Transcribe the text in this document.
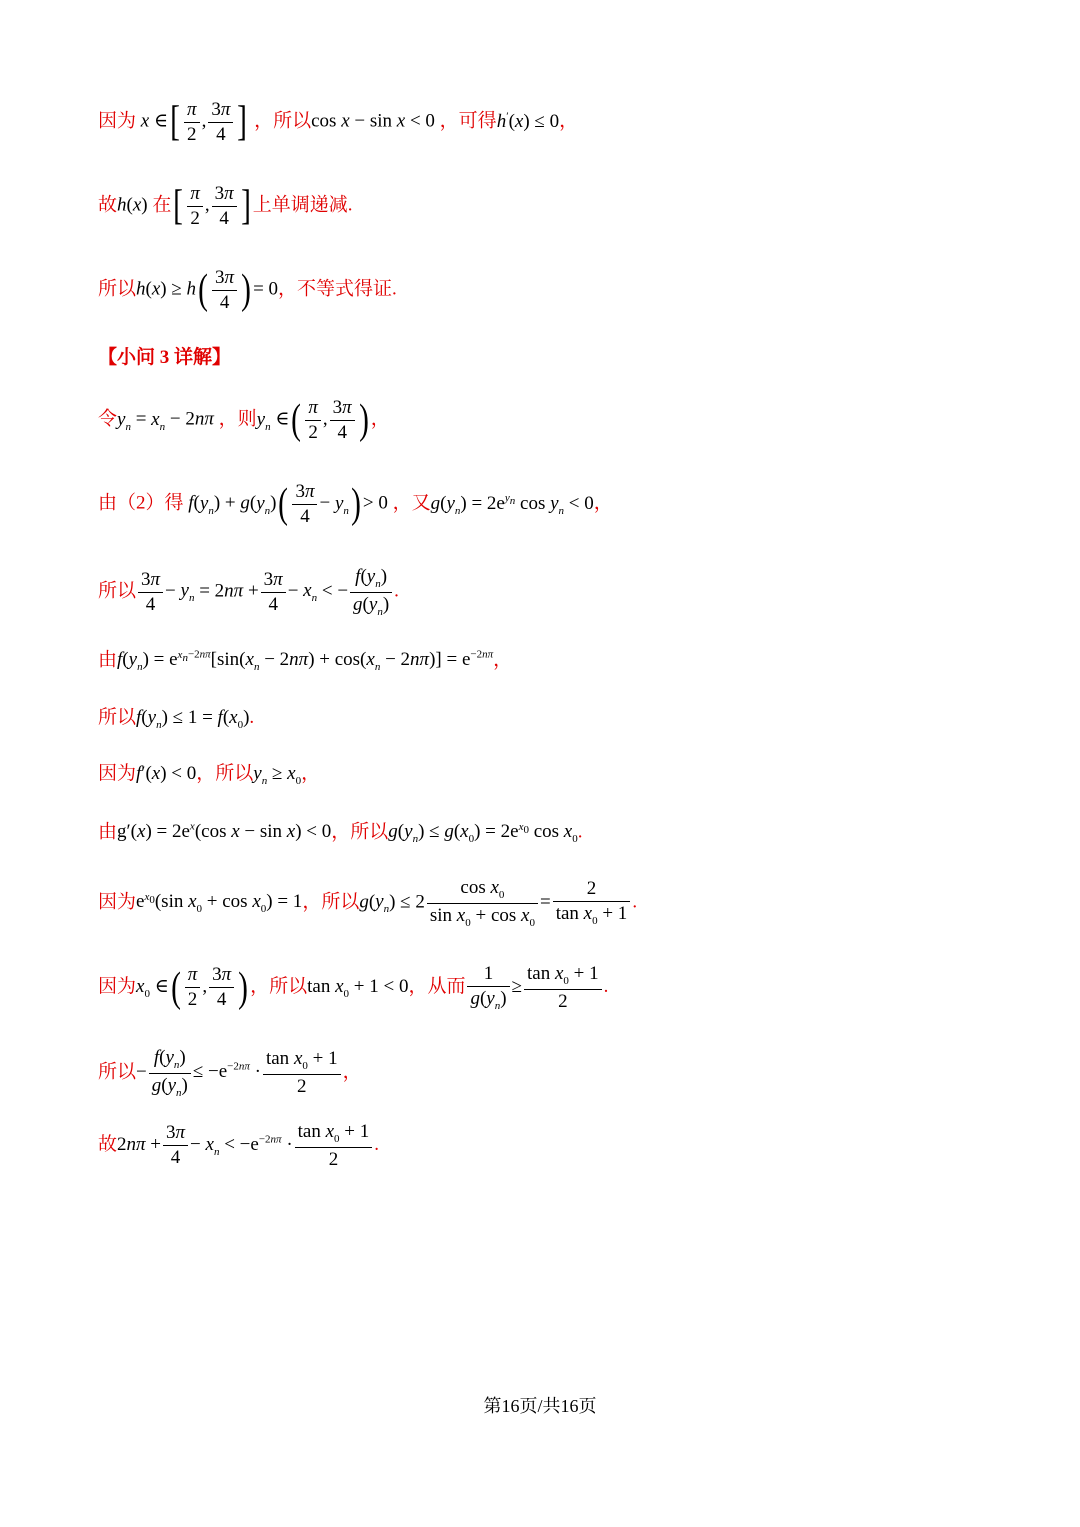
因为 x ∈[ $\frac{\pi}{2}$ , $\frac{3\pi}{4}$ ] ，所以cos x − sin x < 0 ，可得h′(x) ≤ 0，
故h(x) 在[ $\frac{\pi}{2}$ , $\frac{3\pi}{4}$ ] 上单调递减.
所以$h(x) \ge h( \frac{3\pi}{4}$ ) = 0，不等式得证.
【小问 3 详解】
令$y_n = x_n - 2n\pi$ ，则$y_n$ ∈( $\frac{\pi}{2}$ , $\frac{3\pi}{4}$ ) ，
由（2）得 $f(y_n) + g(y_n)( \frac{3\pi}{4} - y_n) > 0$ ，又$g(y_n) = 2e^{y_n}$ $\cos y_n < 0$，
所以 $\frac{3\pi}{4} - y_n = 2n\pi + \frac{3\pi}{4} - x_n$ < − $\frac{f(y_n)}{g(y_n)}$ .
由$f(y_n) = e^{x_n-2n\pi}[\sin(x_n - 2n\pi) + \cos(x_n - 2n\pi)] = e^{-2n\pi}$，
所以$f(y_n) \le 1 = f(x_0)$.
因为f′(x) < 0，所以$y_n \ge x_0$，
由$g'(x) = 2e^x(\cos$ x − sin x) < 0，所以$g(y_n) \le g(x_0) = 2e^{x_0}$ $\cos x_0$.
因为$e^{x_0}(\sin$ $x_0 + \cos x_0) = 1$，所以$g(y_n) \le 2 \frac{\cos x_0}{\sin x_0 + \cos x_0} = \frac{2}{\tan x_0 + 1}$ .
因为$x_0$ ∈( $\frac{\pi}{2}$ , $\frac{3\pi}{4}$ ) ，所以$\tan x_0 + 1 < 0$，从而 $\frac{1}{g(y_n)} \ge \frac{\tan x_0 + 1}{2}$ .
所以− $\frac{f(y_n)}{g(y_n)} \le -e^{-2n\pi} \cdot \frac{\tan x_0 + 1}{2}$ ，
故$2n\pi + \frac{3\pi}{4} - x_n < -e^{-2n\pi} \cdot \frac{\tan x_0 + 1}{2}$ .
第16页/共16页
